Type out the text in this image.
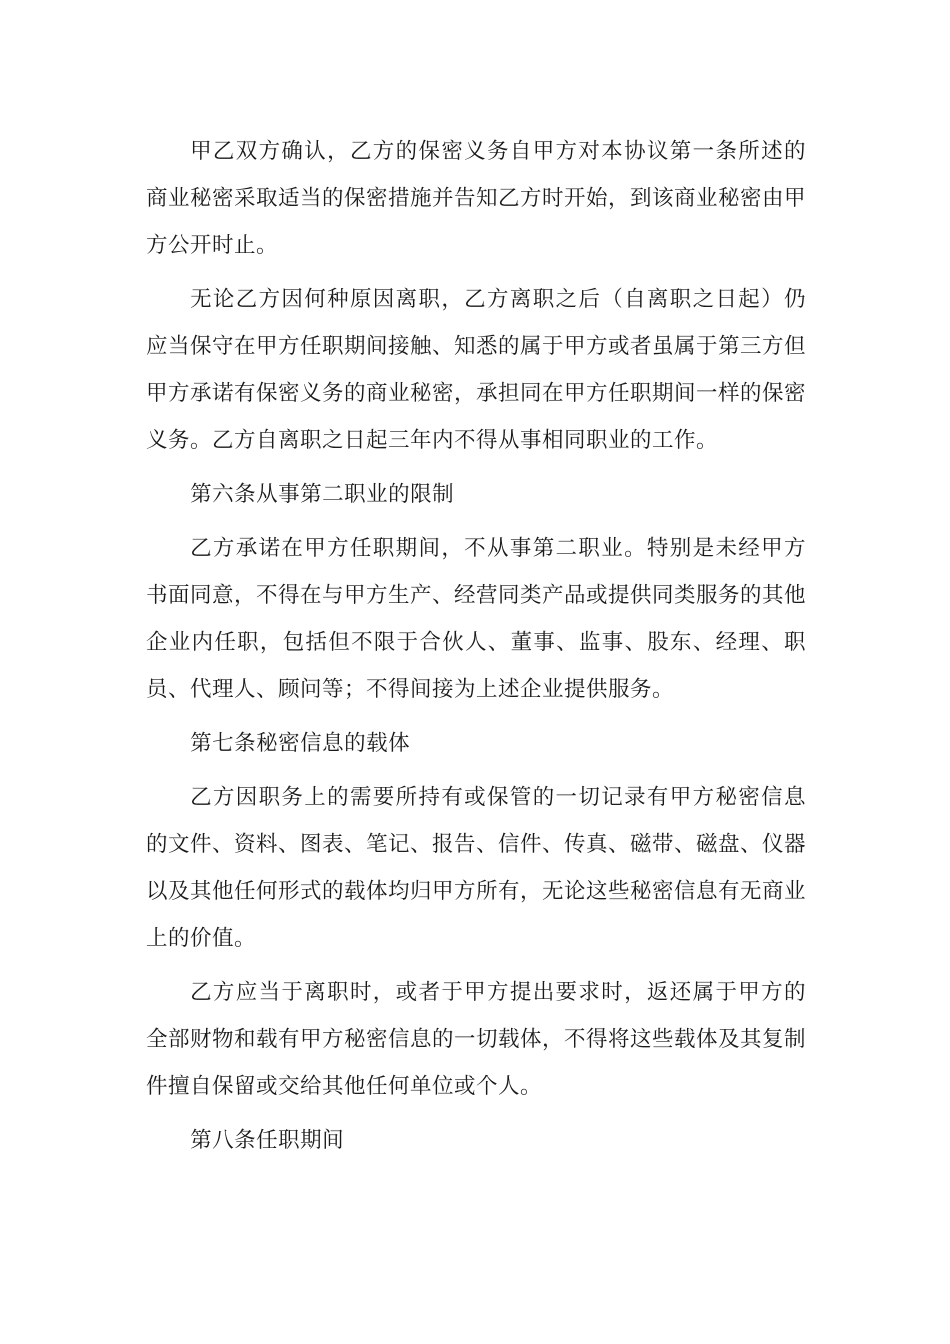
甲乙双方确认，乙方的保密义务自甲方对本协议第一条所述的商业秘密采取适当的保密措施并告知乙方时开始，到该商业秘密由甲方公开时止。

无论乙方因何种原因离职，乙方离职之后（自离职之日起）仍应当保守在甲方任职期间接触、知悉的属于甲方或者虽属于第三方但甲方承诺有保密义务的商业秘密，承担同在甲方任职期间一样的保密义务。乙方自离职之日起三年内不得从事相同职业的工作。

第六条从事第二职业的限制

乙方承诺在甲方任职期间，不从事第二职业。特别是未经甲方书面同意，不得在与甲方生产、经营同类产品或提供同类服务的其他企业内任职，包括但不限于合伙人、董事、监事、股东、经理、职员、代理人、顾问等；不得间接为上述企业提供服务。

第七条秘密信息的载体

乙方因职务上的需要所持有或保管的一切记录有甲方秘密信息的文件、资料、图表、笔记、报告、信件、传真、磁带、磁盘、仪器以及其他任何形式的载体均归甲方所有，无论这些秘密信息有无商业上的价值。

乙方应当于离职时，或者于甲方提出要求时，返还属于甲方的全部财物和载有甲方秘密信息的一切载体，不得将这些载体及其复制件擅自保留或交给其他任何单位或个人。

第八条任职期间
